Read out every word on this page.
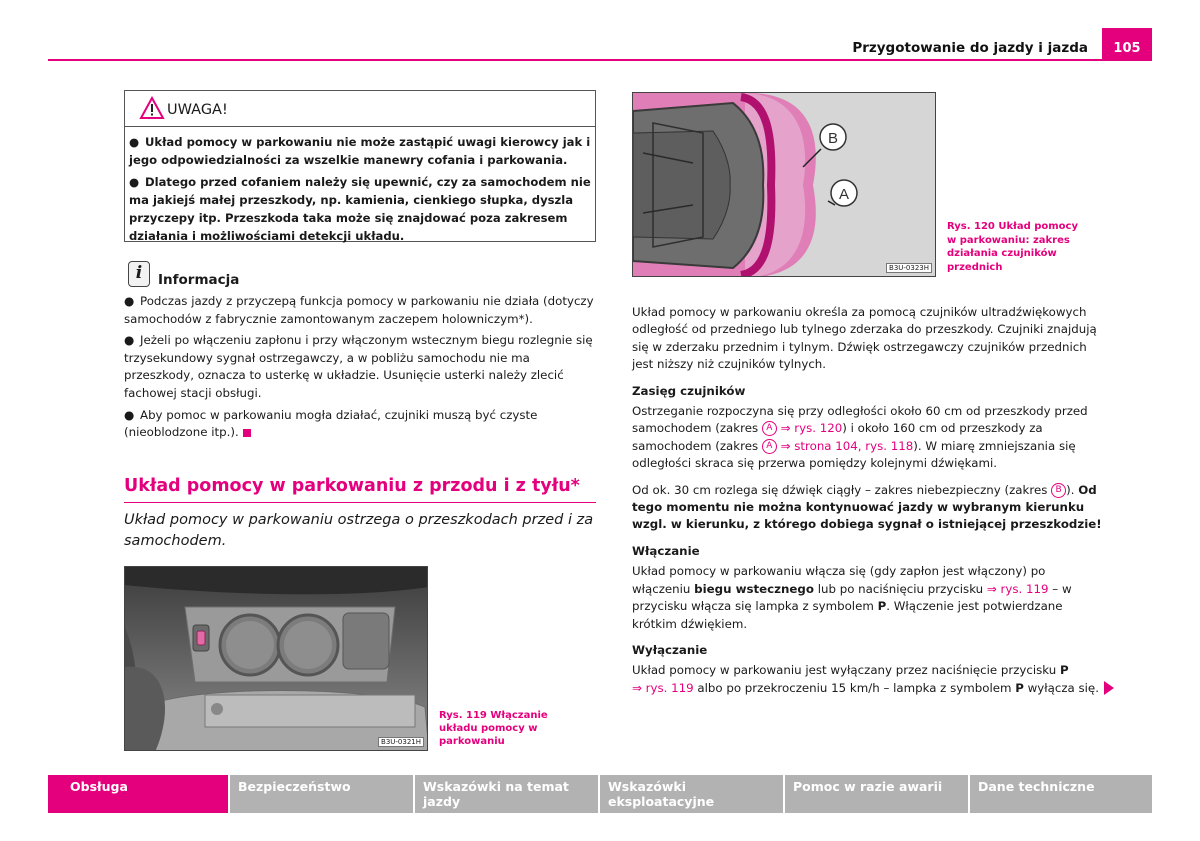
Przygotowanie do jazdy i jazda	105
UWAGA!
● Układ pomocy w parkowaniu nie może zastąpić uwagi kierowcy jak i jego odpowiedzialności za wszelkie manewry cofania i parkowania.
● Dlatego przed cofaniem należy się upewnić, czy za samochodem nie ma jakiejś małej przeszkody, np. kamienia, cienkiego słupka, dyszla przyczepy itp. Przeszkoda taka może się znajdować poza zakresem działania i możliwościami detekcji układu.
i	Informacja

● Podczas jazdy z przyczepą funkcja pomocy w parkowaniu nie działa (dotyczy samochodów z fabrycznie zamontowanym zaczepem holowniczym*).

● Jeżeli po włączeniu zapłonu i przy włączonym wstecznym biegu rozlegnie się trzysekundowy sygnał ostrzegawczy, a w pobliżu samochodu nie ma przeszkody, oznacza to usterkę w układzie. Usunięcie usterki należy zlecić fachowej stacji obsługi.

● Aby pomoc w parkowaniu mogła działać, czujniki muszą być czyste (nieoblodzone itp.).

Układ pomocy w parkowaniu z przodu i z tyłu*
Układ pomocy w parkowaniu ostrzega o przeszkodach przed i za samochodem.
B3U-0321H
Rys. 119 Włączanie układu pomocy w parkowaniu
B
A
B3U-0323H
Rys. 120 Układ pomocy w parkowaniu: zakres działania czujników przednich

Układ pomocy w parkowaniu określa za pomocą czujników ultradźwiękowych odległość od przedniego lub tylnego zderzaka do przeszkody. Czujniki znajdują się w zderzaku przednim i tylnym. Dźwięk ostrzegawczy czujników przednich jest niższy niż czujników tylnych.

Zasięg czujników

Ostrzeganie rozpoczyna się przy odległości około 60 cm od przeszkody przed samochodem (zakres A ⇒ rys. 120) i około 160 cm od przeszkody za samochodem (zakres A ⇒ strona 104, rys. 118). W miarę zmniejszania się odległości skraca się przerwa pomiędzy kolejnymi dźwiękami.

Od ok. 30 cm rozlega się dźwięk ciągły – zakres niebezpieczny (zakres B ). Od tego momentu nie można kontynuować jazdy w wybranym kierunku wzgl. w kierunku, z którego dobiega sygnał o istniejącej przeszkodzie!

Włączanie

Układ pomocy w parkowaniu włącza się (gdy zapłon jest włączony) po włączeniu biegu wstecznego lub po naciśnięciu przycisku ⇒ rys. 119 – w przycisku włącza się lampka z symbolem P. Włączenie jest potwierdzane krótkim dźwiękiem.

Wyłączanie

Układ pomocy w parkowaniu jest wyłączany przez naciśnięcie przycisku P
⇒ rys. 119 albo po przekroczeniu 15 km/h – lampka z symbolem P wyłącza się.

Obsługa	Bezpieczeństwo	Wskazówki na temat jazdy
Wskazówki eksploatacyjne
Pomoc w razie awarii	Dane techniczne
